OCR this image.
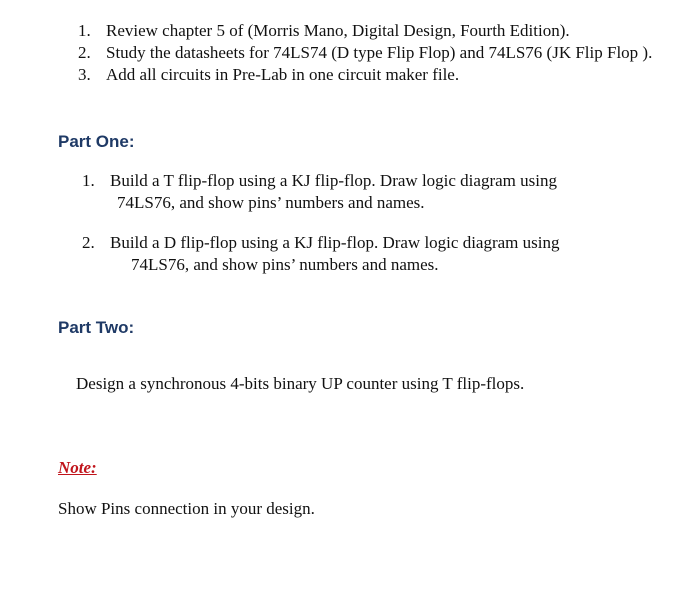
1. Review chapter 5 of (Morris Mano, Digital Design, Fourth Edition).
2. Study the datasheets for 74LS74 (D type Flip Flop) and 74LS76 (JK Flip Flop ).
3. Add all circuits in Pre-Lab in one circuit maker file.
Part One:
1. Build a T flip-flop using a KJ flip-flop. Draw logic diagram using
74LS76, and show pins’ numbers and names.
2. Build a D flip-flop using a KJ flip-flop. Draw logic diagram using
74LS76, and show pins’ numbers and names.
Part Two:
Design a synchronous 4-bits binary UP counter using T flip-flops.
Note:
Show Pins connection in your design.
